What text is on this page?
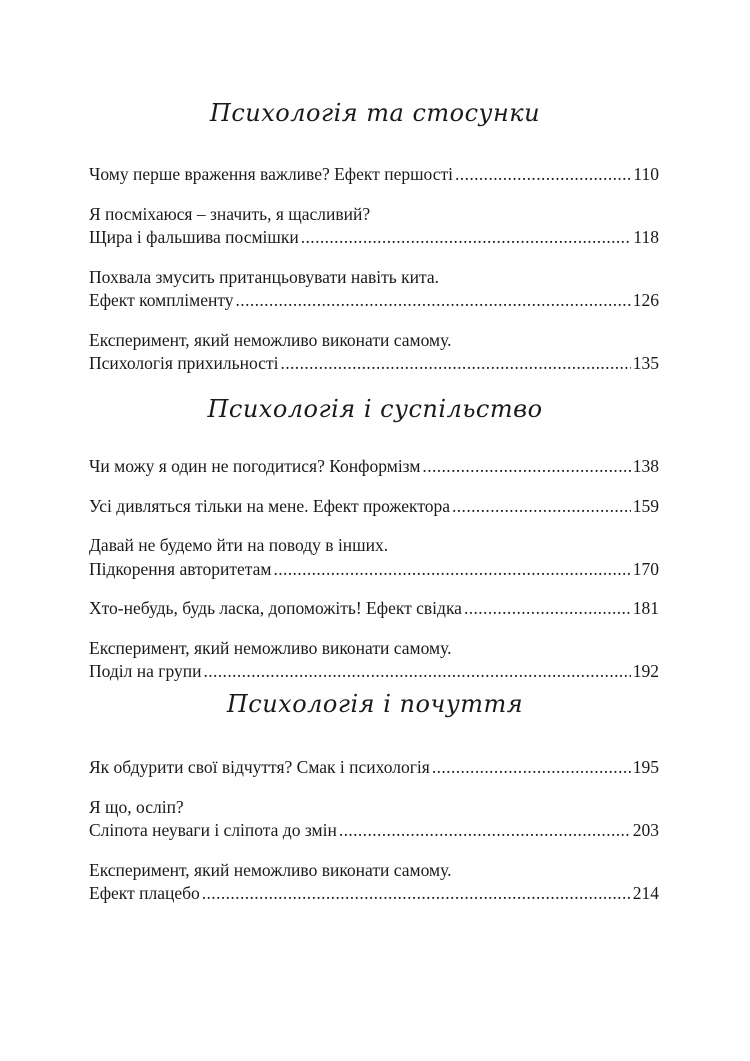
Психологія та стосунки
Чому перше враження важливе? Ефект першості .....	110
Я посміхаюся – значить, я щасливий?
Щира і фальшива посмішки .....	118
Похвала змусить пританцьовувати навіть кита.
Ефект компліменту .....	126
Експеримент, який неможливо виконати самому.
Психологія прихильності .....	135
Психологія і суспільство
Чи можу я один не погодитися? Конформізм .....	138
Усі дивляться тільки на мене. Ефект прожектора .....	159
Давай не будемо йти на поводу в інших.
Підкорення авторитетам .....	170
Хто-небудь, будь ласка, допоможіть! Ефект свідка .....	181
Експеримент, який неможливо виконати самому.
Поділ на групи .....	192
Психологія і почуття
Як обдурити свої відчуття? Смак і психологія .....	195
Я що, осліп?
Сліпота неуваги і сліпота до змін .....	203
Експеримент, який неможливо виконати самому.
Ефект плацебо .....	214
